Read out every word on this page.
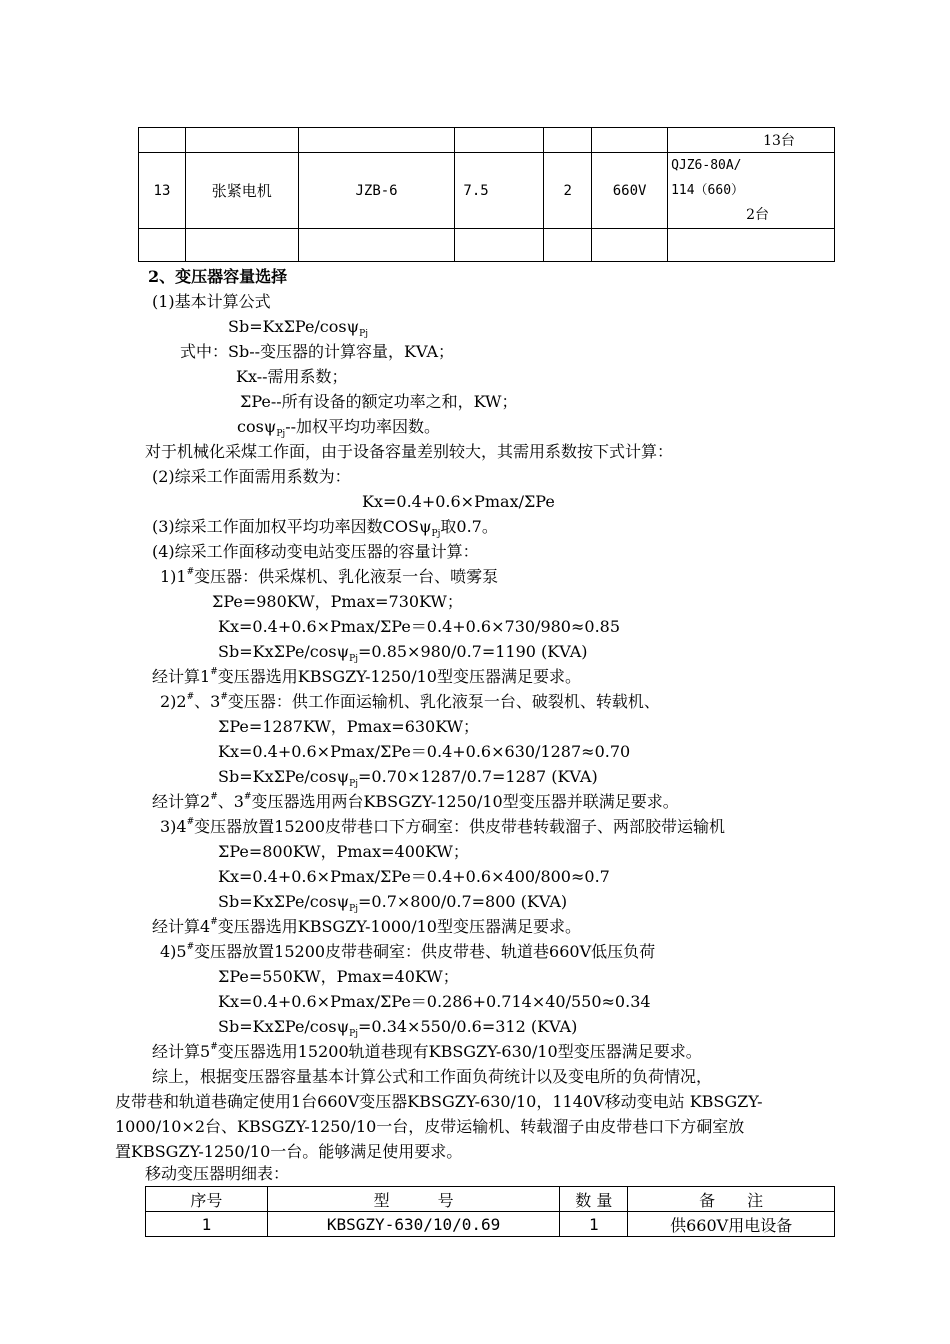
						13台
13	张紧电机	JZB-6	7.5	2	660V	QJZ6-80A/
114（660）
2台

2、变压器容量选择
(1)基本计算公式
Sb=KxΣPe/cosψ$_{Pj}$
式中：Sb--变压器的计算容量，KVA；
Kx--需用系数；
ΣPe--所有设备的额定功率之和，KW；
cosψ$_{Pj}$--加权平均功率因数。
对于机械化采煤工作面，由于设备容量差别较大，其需用系数按下式计算：
(2)综采工作面需用系数为：
Kx=0.4+0.6×Pmax/ΣPe
(3)综采工作面加权平均功率因数COSψ$_{Pj}$取0.7。
(4)综采工作面移动变电站变压器的容量计算：
1)1#变压器：供采煤机、乳化液泵一台、喷雾泵
ΣPe=980KW，Pmax=730KW；
Kx=0.4+0.6×Pmax/ΣPe＝0.4+0.6×730/980≈0.85
Sb=KxΣPe/cosψ$_{Pj}$=0.85×980/0.7=1190 (KVA)
经计算1#变压器选用KBSGZY-1250/10型变压器满足要求。
2)2#、3#变压器：供工作面运输机、乳化液泵一台、破裂机、转载机、
ΣPe=1287KW，Pmax=630KW；
Kx=0.4+0.6×Pmax/ΣPe＝0.4+0.6×630/1287≈0.70
Sb=KxΣPe/cosψ$_{Pj}$=0.70×1287/0.7=1287 (KVA)
经计算2#、3#变压器选用两台KBSGZY-1250/10型变压器并联满足要求。
3)4#变压器放置15200皮带巷口下方硐室：供皮带巷转载溜子、两部胶带运输机
ΣPe=800KW，Pmax=400KW；
Kx=0.4+0.6×Pmax/ΣPe＝0.4+0.6×400/800≈0.7
Sb=KxΣPe/cosψ$_{Pj}$=0.7×800/0.7=800 (KVA)
经计算4#变压器选用KBSGZY-1000/10型变压器满足要求。
4)5#变压器放置15200皮带巷硐室：供皮带巷、轨道巷660V低压负荷
ΣPe=550KW，Pmax=40KW；
Kx=0.4+0.6×Pmax/ΣPe＝0.286+0.714×40/550≈0.34
Sb=KxΣPe/cosψ$_{Pj}$=0.34×550/0.6=312 (KVA)
经计算5#变压器选用15200轨道巷现有KBSGZY-630/10型变压器满足要求。
综上，根据变压器容量基本计算公式和工作面负荷统计以及变电所的负荷情况，
皮带巷和轨道巷确定使用1台660V变压器KBSGZY-630/10，1140V移动变电站 KBSGZY-
1000/10×2台、KBSGZY-1250/10一台，皮带运输机、转载溜子由皮带巷口下方硐室放
置KBSGZY-1250/10一台。能够满足使用要求。
移动变压器明细表：
序号	型　　　号	数 量	备　　注
1	KBSGZY-630/10/0.69	1	供660V用电设备
